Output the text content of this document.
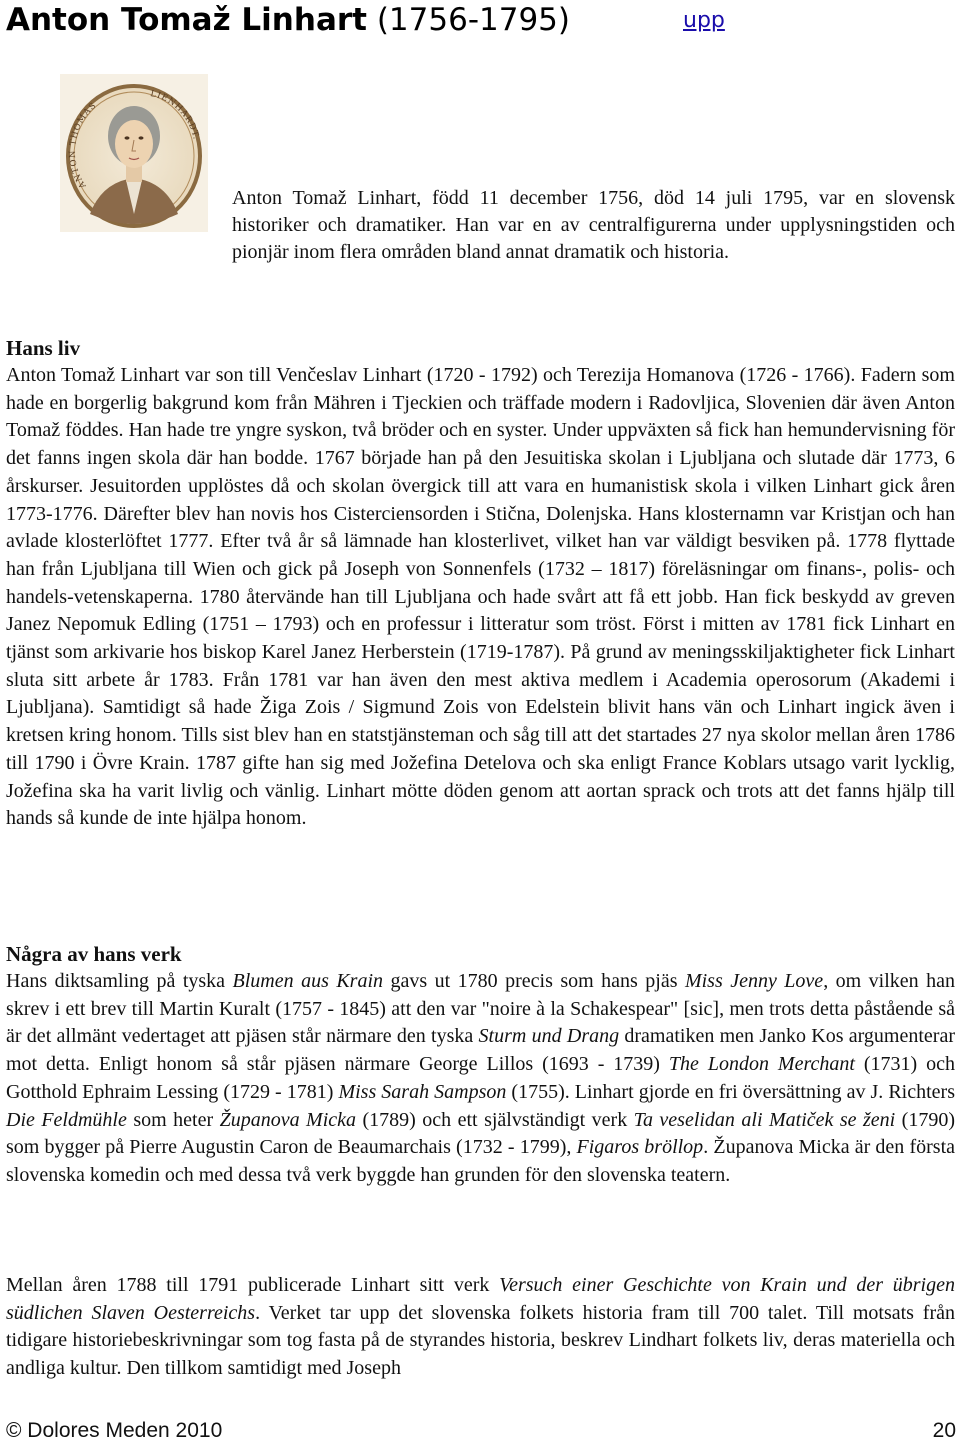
Anton Tomaž Linhart (1756-1795)	upp
ANTON THOMAS
LIENHARDT.
Anton Tomaž Linhart, född 11 december 1756, död 14 juli 1795, var en slovensk historiker och dramatiker. Han var en av centralfigurerna under upplysningstiden och pionjär inom flera områden bland annat dramatik och historia.
Hans liv
Anton Tomaž Linhart var son till Venčeslav Linhart (1720 - 1792) och Terezija Homanova (1726 - 1766). Fadern som hade en borgerlig bakgrund kom från Mähren i Tjeckien och träffade modern i Radovljica, Slovenien där även Anton Tomaž föddes. Han hade tre yngre syskon, två bröder och en syster. Under uppväxten så fick han hemundervisning för det fanns ingen skola där han bodde. 1767 började han på den Jesuitiska skolan i Ljubljana och slutade där 1773, 6 årskurser. Jesuitorden upplöstes då och skolan övergick till att vara en humanistisk skola i vilken Linhart gick åren 1773-1776. Därefter blev han novis hos Cisterciensorden i Stična, Dolenjska. Hans klosternamn var Kristjan och han avlade klosterlöftet 1777. Efter två år så lämnade han klosterlivet, vilket han var väldigt besviken på. 1778 flyttade han från Ljubljana till Wien och gick på Joseph von Sonnenfels (1732 – 1817) föreläsningar om finans-, polis- och handels-vetenskaperna. 1780 återvände han till Ljubljana och hade svårt att få ett jobb. Han fick beskydd av greven Janez Nepomuk Edling (1751 – 1793) och en professur i litteratur som tröst. Först i mitten av 1781 fick Linhart en tjänst som arkivarie hos biskop Karel Janez Herberstein (1719-1787). På grund av meningsskiljaktigheter fick Linhart sluta sitt arbete år 1783. Från 1781 var han även den mest aktiva medlem i Academia operosorum (Akademi i Ljubljana). Samtidigt så hade Žiga Zois / Sigmund Zois von Edelstein blivit hans vän och Linhart ingick även i kretsen kring honom. Tills sist blev han en statstjänsteman och såg till att det startades 27 nya skolor mellan åren 1786 till 1790 i Övre Krain. 1787 gifte han sig med Jožefina Detelova och ska enligt France Koblars utsago varit lycklig, Jožefina ska ha varit livlig och vänlig. Linhart mötte döden genom att aortan sprack och trots att det fanns hjälp till hands så kunde de inte hjälpa honom.
Några av hans verk
Hans diktsamling på tyska Blumen aus Krain gavs ut 1780 precis som hans pjäs Miss Jenny Love, om vilken han skrev i ett brev till Martin Kuralt (1757 - 1845) att den var "noire à la Schakespear" [sic], men trots detta påstående så är det allmänt vedertaget att pjäsen står närmare den tyska Sturm und Drang dramatiken men Janko Kos argumenterar mot detta. Enligt honom så står pjäsen närmare George Lillos (1693 - 1739) The London Merchant (1731) och Gotthold Ephraim Lessing (1729 - 1781) Miss Sarah Sampson (1755). Linhart gjorde en fri översättning av J. Richters Die Feldmühle som heter Županova Micka (1789) och ett självständigt verk Ta veselidan ali Matiček se ženi (1790) som bygger på Pierre Augustin Caron de Beaumarchais (1732 - 1799), Figaros bröllop. Županova Micka är den första slovenska komedin och med dessa två verk byggde han grunden för den slovenska teatern.
Mellan åren 1788 till 1791 publicerade Linhart sitt verk Versuch einer Geschichte von Krain und der übrigen südlichen Slaven Oesterreichs. Verket tar upp det slovenska folkets historia fram till 700 talet. Till motsats från tidigare historiebeskrivningar som tog fasta på de styrandes historia, beskrev Lindhart folkets liv, deras materiella och andliga kultur. Den tillkom samtidigt med Joseph
© Dolores Meden 2010	20
